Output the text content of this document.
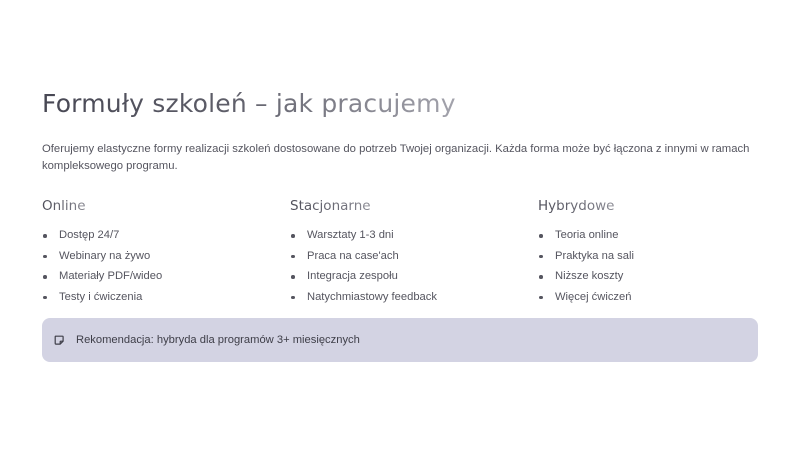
Formuły szkoleń – jak pracujemy

Oferujemy elastyczne formy realizacji szkoleń dostosowane do potrzeb Twojej organizacji. Każda forma może być łączona z innymi w ramach kompleksowego programu.

Online
Dostęp 24/7
Webinary na żywo
Materiały PDF/wideo
Testy i ćwiczenia
Stacjonarne
Warsztaty 1-3 dni
Praca na case'ach
Integracja zespołu
Natychmiastowy feedback
Hybrydowe
Teoria online
Praktyka na sali
Niższe koszty
Więcej ćwiczeń
Rekomendacja: hybryda dla programów 3+ miesięcznych
